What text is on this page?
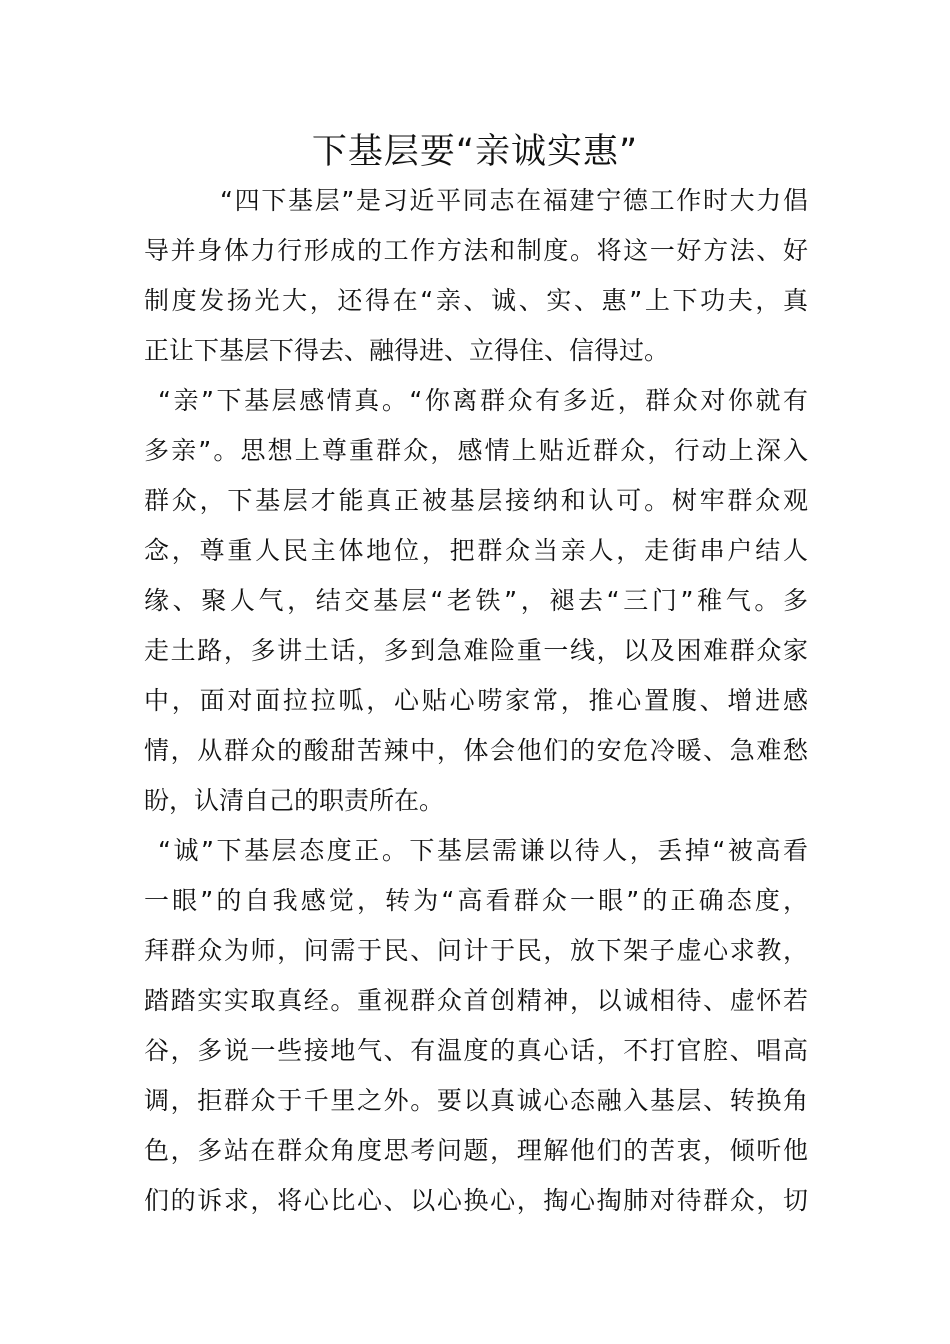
下基层要“亲诚实惠”
“四下基层”是习近平同志在福建宁德工作时大力倡
导并身体力行形成的工作方法和制度。将这一好方法、好
制度发扬光大，还得在“亲、诚、实、惠”上下功夫，真
正让下基层下得去、融得进、立得住、信得过。
“亲”下基层感情真。“你离群众有多近，群众对你就有
多亲”。思想上尊重群众，感情上贴近群众，行动上深入
群众，下基层才能真正被基层接纳和认可。树牢群众观
念，尊重人民主体地位，把群众当亲人，走街串户结人
缘、聚人气，结交基层“老铁”，褪去“三门”稚气。多
走土路，多讲土话，多到急难险重一线，以及困难群众家
中，面对面拉拉呱，心贴心唠家常，推心置腹、增进感
情，从群众的酸甜苦辣中，体会他们的安危冷暖、急难愁
盼，认清自己的职责所在。
“诚”下基层态度正。下基层需谦以待人，丢掉“被高看
一眼”的自我感觉，转为“高看群众一眼”的正确态度，
拜群众为师，问需于民、问计于民，放下架子虚心求教，
踏踏实实取真经。重视群众首创精神，以诚相待、虚怀若
谷，多说一些接地气、有温度的真心话，不打官腔、唱高
调，拒群众于千里之外。要以真诚心态融入基层、转换角
色，多站在群众角度思考问题，理解他们的苦衷，倾听他
们的诉求，将心比心、以心换心，掏心掏肺对待群众，切
